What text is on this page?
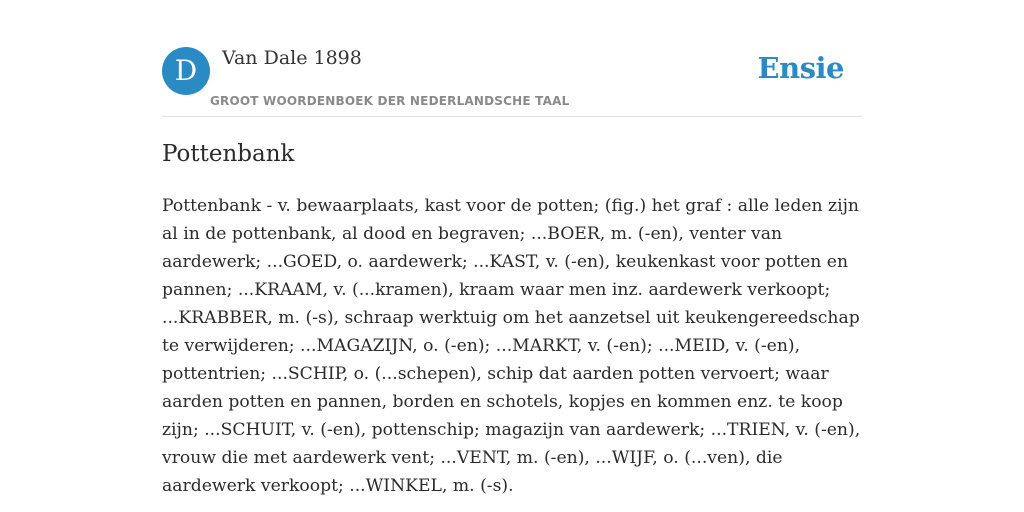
D	Van Dale 1898
GROOT WOORDENBOEK DER NEDERLANDSCHE TAAL
Ensie
Pottenbank

Pottenbank - v. bewaarplaats, kast voor de potten; (fig.) het graf : alle leden zijn al in de pottenbank, al dood en begraven; ...BOER, m. (-en), venter van aardewerk; ...GOED, o. aardewerk; ...KAST, v. (-en), keukenkast voor potten en pannen; ...KRAAM, v. (...kramen), kraam waar men inz. aardewerk verkoopt; ...KRABBER, m. (-s), schraap werktuig om het aanzetsel uit keukengereedschap te verwijderen; ...MAGAZIJN, o. (-en); ...MARKT, v. (-en); ...MEID, v. (-en), pottentrien; ...SCHIP, o. (...schepen), schip dat aarden potten vervoert; waar aarden potten en pannen, borden en schotels, kopjes en kommen enz. te koop zijn; ...SCHUIT, v. (-en), pottenschip; magazijn van aardewerk; ...TRIEN, v. (-en), vrouw die met aardewerk vent; ...VENT, m. (-en), ...WIJF, o. (...ven), die aardewerk verkoopt; ...WINKEL, m. (-s).
